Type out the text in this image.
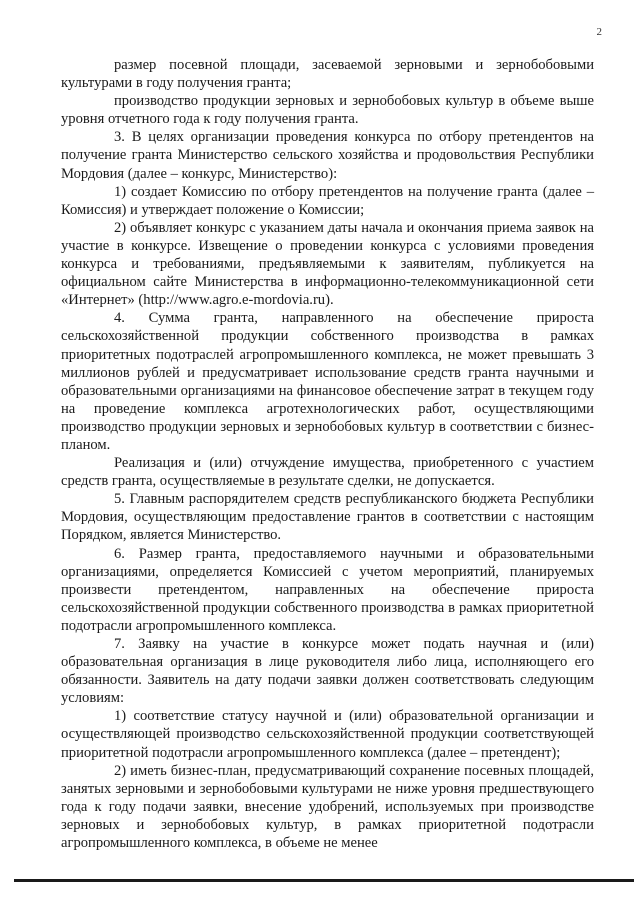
2

размер посевной площади, засеваемой зерновыми и зернобобовыми культурами в году получения гранта;

производство продукции зерновых и зернобобовых культур в объеме выше уровня отчетного года к году получения гранта.

3. В целях организации проведения конкурса по отбору претендентов на получение гранта Министерство сельского хозяйства и продовольствия Республики Мордовия (далее – конкурс, Министерство):

1) создает Комиссию по отбору претендентов на получение гранта (далее – Комиссия) и утверждает положение о Комиссии;

2) объявляет конкурс с указанием даты начала и окончания приема заявок на участие в конкурсе. Извещение о проведении конкурса с условиями проведения конкурса и требованиями, предъявляемыми к заявителям, публикуется на официальном сайте Министерства в информационно-телекоммуникационной сети «Интернет» (http://www.agro.e-mordovia.ru).

4. Сумма гранта, направленного на обеспечение прироста сельскохозяйственной продукции собственного производства в рамках приоритетных подотраслей агропромышленного комплекса, не может превышать 3 миллионов рублей и предусматривает использование средств гранта научными и образовательными организациями на финансовое обеспечение затрат в текущем году на проведение комплекса агротехнологических работ, осуществляющими производство продукции зерновых и зернобобовых культур в соответствии с бизнес-планом.

Реализация и (или) отчуждение имущества, приобретенного с участием средств гранта, осуществляемые в результате сделки, не допускается.

5. Главным распорядителем средств республиканского бюджета Республики Мордовия, осуществляющим предоставление грантов в соответствии с настоящим Порядком, является Министерство.

6. Размер гранта, предоставляемого научными и образовательными организациями, определяется Комиссией с учетом мероприятий, планируемых произвести претендентом, направленных на обеспечение прироста сельскохозяйственной продукции собственного производства в рамках приоритетной подотрасли агропромышленного комплекса.

7. Заявку на участие в конкурсе может подать научная и (или) образовательная организация в лице руководителя либо лица, исполняющего его обязанности. Заявитель на дату подачи заявки должен соответствовать следующим условиям:

1) соответствие статусу научной и (или) образовательной организации и осуществляющей производство сельскохозяйственной продукции соответствующей приоритетной подотрасли агропромышленного комплекса (далее – претендент);

2) иметь бизнес-план, предусматривающий сохранение посевных площадей, занятых зерновыми и зернобобовыми культурами не ниже уровня предшествующего года к году подачи заявки, внесение удобрений, используемых при производстве зерновых и зернобобовых культур, в рамках приоритетной подотрасли агропромышленного комплекса, в объеме не менее
